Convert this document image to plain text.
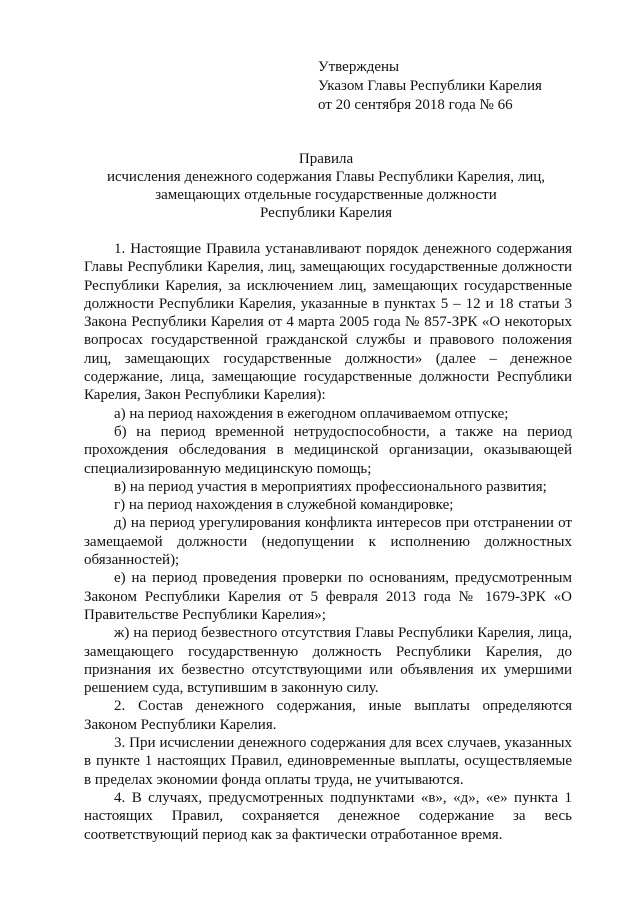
Утверждены
Указом Главы Республики Карелия
от 20 сентября 2018 года № 66
Правила
исчисления денежного содержания Главы Республики Карелия, лиц,
замещающих отдельные государственные должности
Республики Карелия

1. Настоящие Правила устанавливают порядок денежного содержания Главы Республики Карелия, лиц, замещающих государственные должности Республики Карелия, за исключением лиц, замещающих государственные должности Республики Карелия, указанные в пунктах 5 – 12 и 18 статьи 3 Закона Республики Карелия от 4 марта 2005 года № 857-ЗРК «О некоторых вопросах государственной гражданской службы и правового положения лиц, замещающих государственные должности» (далее – денежное содержание, лица, замещающие государственные должности Республики Карелия, Закон Республики Карелия):

а) на период нахождения в ежегодном оплачиваемом отпуске;

б) на период временной нетрудоспособности, а также на период прохождения обследования в медицинской организации, оказывающей специализированную медицинскую помощь;

в) на период участия в мероприятиях профессионального развития;

г) на период нахождения в служебной командировке;

д) на период урегулирования конфликта интересов при отстранении от замещаемой должности (недопущении к исполнению должностных обязанностей);

е) на период проведения проверки по основаниям, предусмотренным Законом Республики Карелия от 5 февраля 2013 года № 1679-ЗРК «О Правительстве Республики Карелия»;

ж) на период безвестного отсутствия Главы Республики Карелия, лица, замещающего государственную должность Республики Карелия, до признания их безвестно отсутствующими или объявления их умершими решением суда, вступившим в законную силу.

2. Состав денежного содержания, иные выплаты определяются Законом Республики Карелия.

3. При исчислении денежного содержания для всех случаев, указанных в пункте 1 настоящих Правил, единовременные выплаты, осуществляемые в пределах экономии фонда оплаты труда, не учитываются.

4. В случаях, предусмотренных подпунктами «в», «д», «е» пункта 1 настоящих Правил, сохраняется денежное содержание за весь соответствующий период как за фактически отработанное время.
